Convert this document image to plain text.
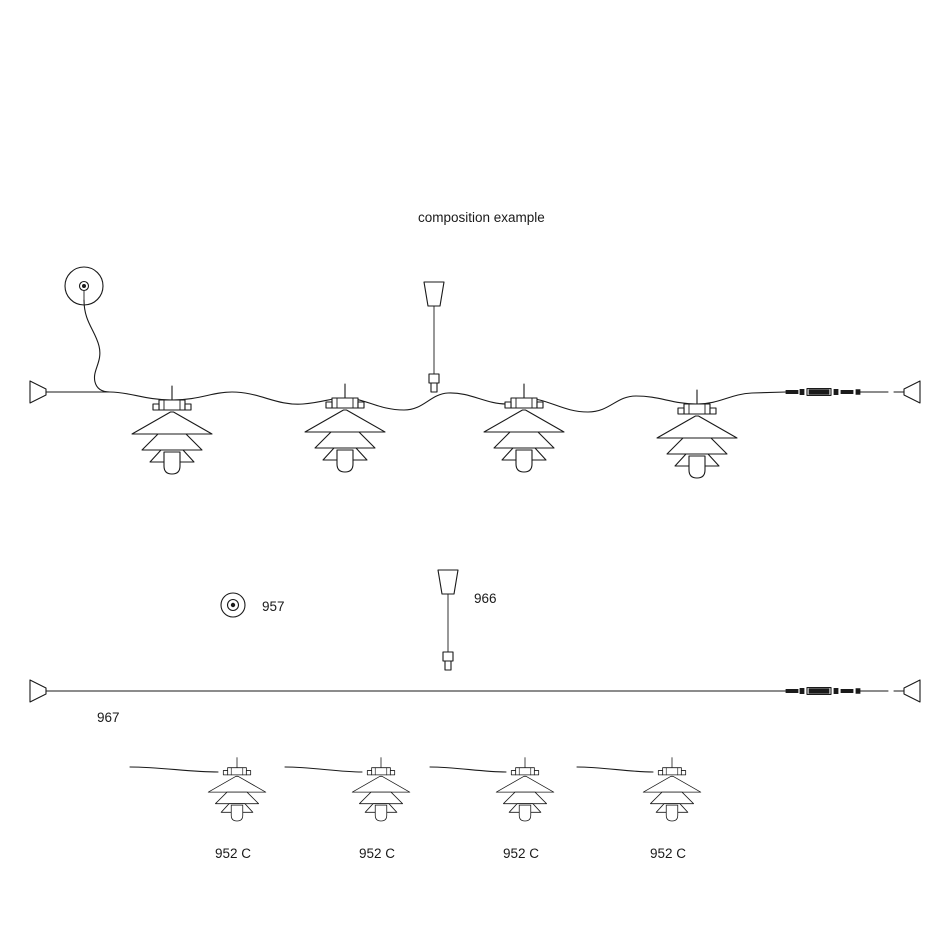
composition example
957
966
967
952 C	952 C	952 C	952 C
